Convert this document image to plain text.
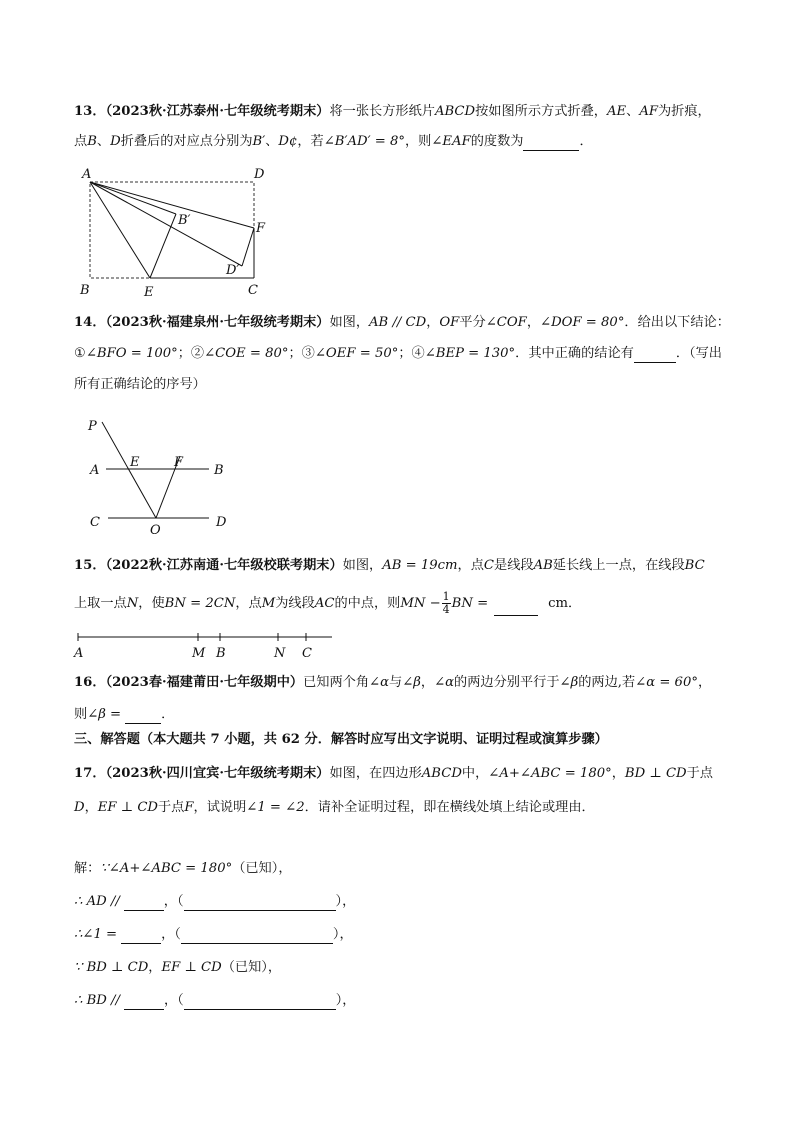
13．（2023秋·江苏泰州·七年级统考期末）将一张长方形纸片ABCD按如图所示方式折叠，AE、AF为折痕，
点B、D折叠后的对应点分别为B′、D¢，若∠B′AD′ = 8°，则∠EAF的度数为	．
A	D
B′
F
D′
B	E	C
14．（2023秋·福建泉州·七年级统考期末）如图，AB // CD，OF平分∠COF，∠DOF = 80°．给出以下结论：
①∠BFO = 100°；②∠COE = 80°；③∠OEF = 50°；④∠BEP = 130°．其中正确的结论有	．（写出
所有正确结论的序号）
P
A
E	F
B
C
O
D
15．（2022秋·江苏南通·七年级校联考期末）如图，AB = 19cm，点C是线段AB延长线上一点，在线段BC
上取一点N，使BN = 2CN，点M为线段AC的中点，则MN − $\frac{1}{4}$ BN =	cm．
A	M B	N C
16．（2023春·福建莆田·七年级期中）已知两个角∠α与∠β，∠α的两边分别平行于∠β的两边,若∠α = 60°，
则∠β =	．
三、解答题（本大题共 7 小题，共 62 分．解答时应写出文字说明、证明过程或演算步骤）
17．（2023秋·四川宜宾·七年级统考期末）如图，在四边形ABCD中，∠A+∠ABC = 180°，BD ⊥ CD于点
D，EF ⊥ CD于点F，试说明∠1 = ∠2．请补全证明过程，即在横线处填上结论或理由．
解：∵∠A+∠ABC = 180°（已知），
∴ AD //	，（	），
∴∠1 =	，（	），
∵ BD ⊥ CD，EF ⊥ CD（已知），
∴ BD //	，（	），
